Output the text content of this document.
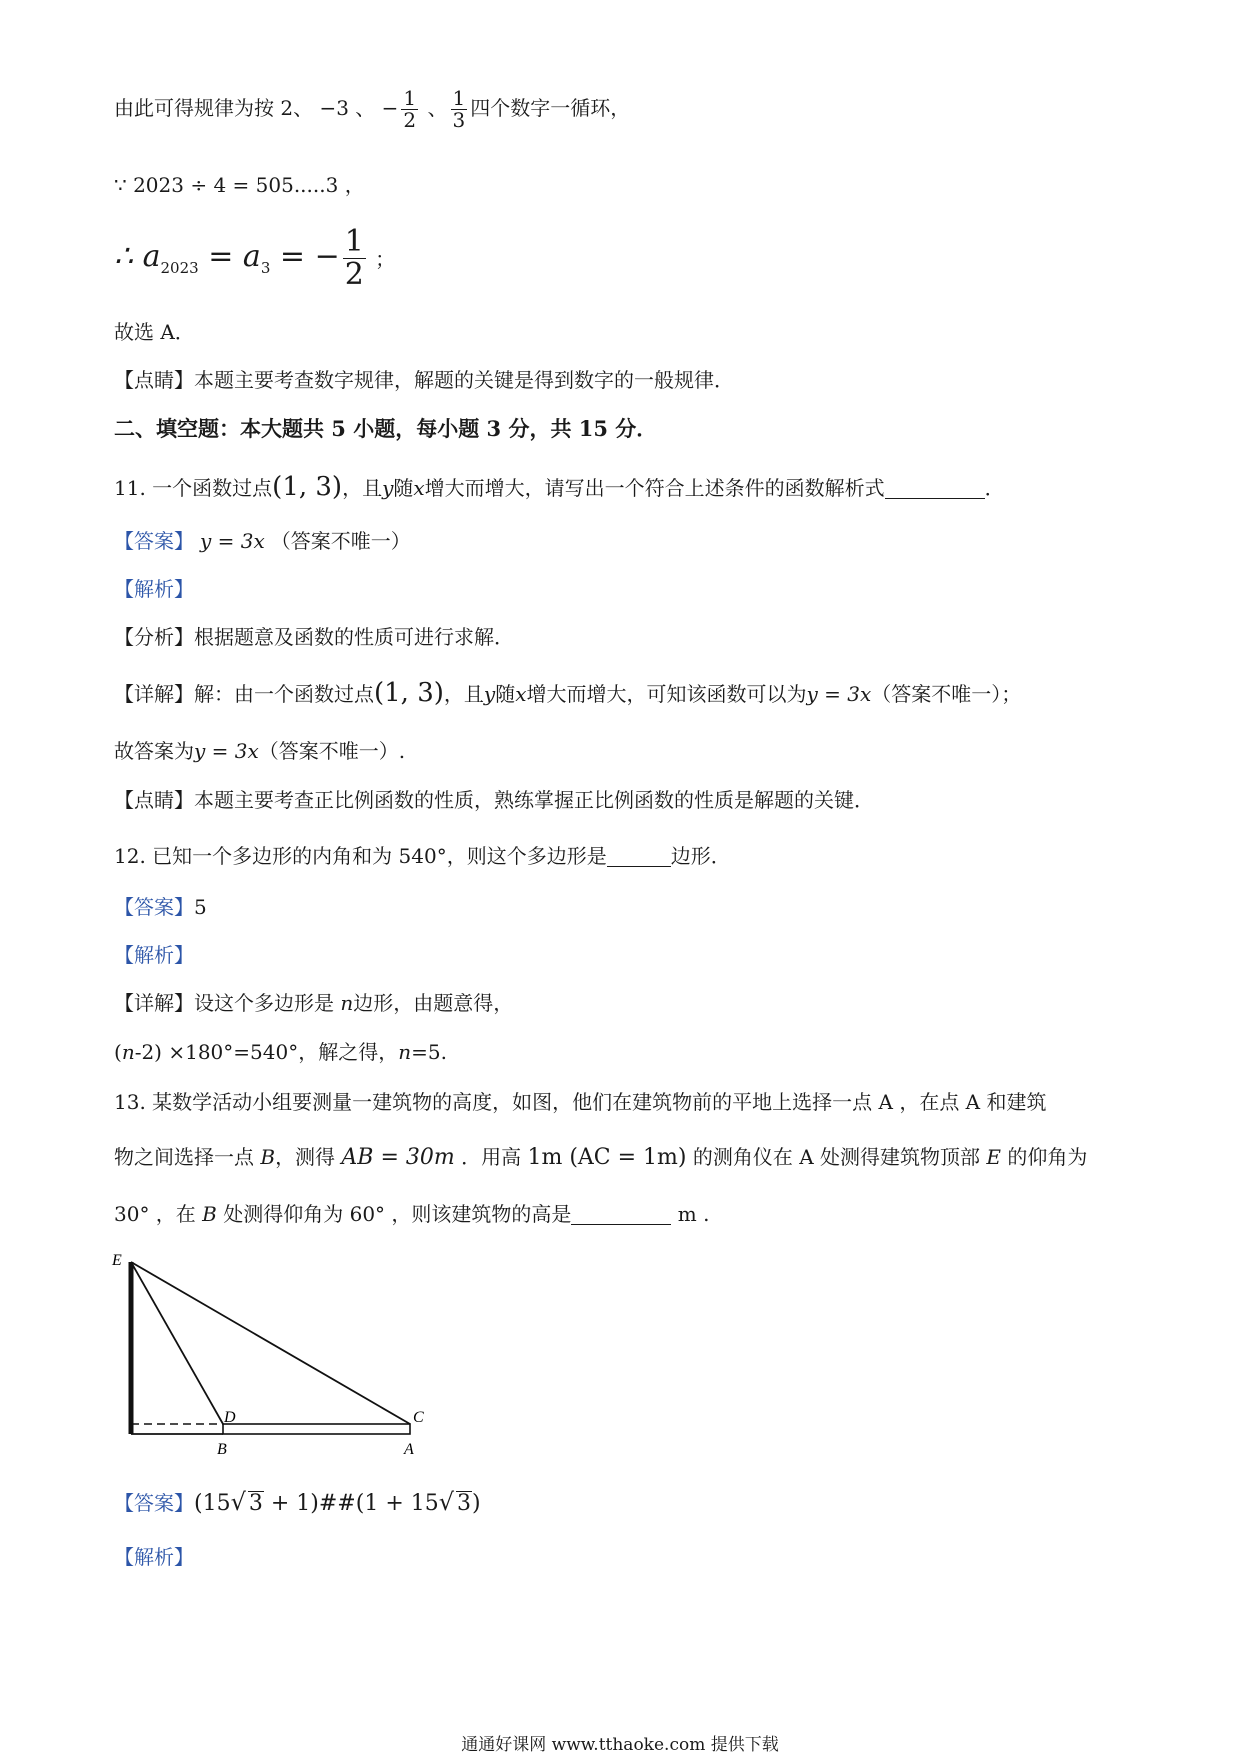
由此可得规律为按 2、 −3 、 − $\frac{1}{2}$ 、 $\frac{1}{3}$ 四个数字一循环，
∵ 2023 ÷ 4 = 505.....3 ，
∴ $a_{2023} = a_3$ = − $\frac{1}{2}$ ；
故选 A．
【点睛】本题主要考查数字规律，解题的关键是得到数字的一般规律．
二、填空题：本大题共 5 小题，每小题 3 分，共 15 分．
11. 一个函数过点(1, 3)，且y随x增大而增大，请写出一个符合上述条件的函数解析式	．
【答案】 y = 3x （答案不唯一）
【解析】
【分析】根据题意及函数的性质可进行求解．
【详解】解：由一个函数过点(1, 3)，且y随x增大而增大，可知该函数可以为y = 3x（答案不唯一）；
故答案为y = 3x（答案不唯一）.
【点睛】本题主要考查正比例函数的性质，熟练掌握正比例函数的性质是解题的关键．
12. 已知一个多边形的内角和为 540°，则这个多边形是	边形．
【答案】5
【解析】
【详解】设这个多边形是 n边形，由题意得，
(n-2) ×180°=540°，解之得，n=5.
13. 某数学活动小组要测量一建筑物的高度，如图，他们在建筑物前的平地上选择一点 A ，在点 A 和建筑
物之间选择一点 B，测得 AB = 30m ．用高 1m (AC = 1m) 的测角仪在 A 处测得建筑物顶部 E 的仰角为
30° ，在 B 处测得仰角为 60° ，则该建筑物的高是	m .
E
D	C
B	A
【答案】(15√ 3 + 1)##(1 + 15√ 3)
【解析】
通通好课网 www.tthaoke.com 提供下载
